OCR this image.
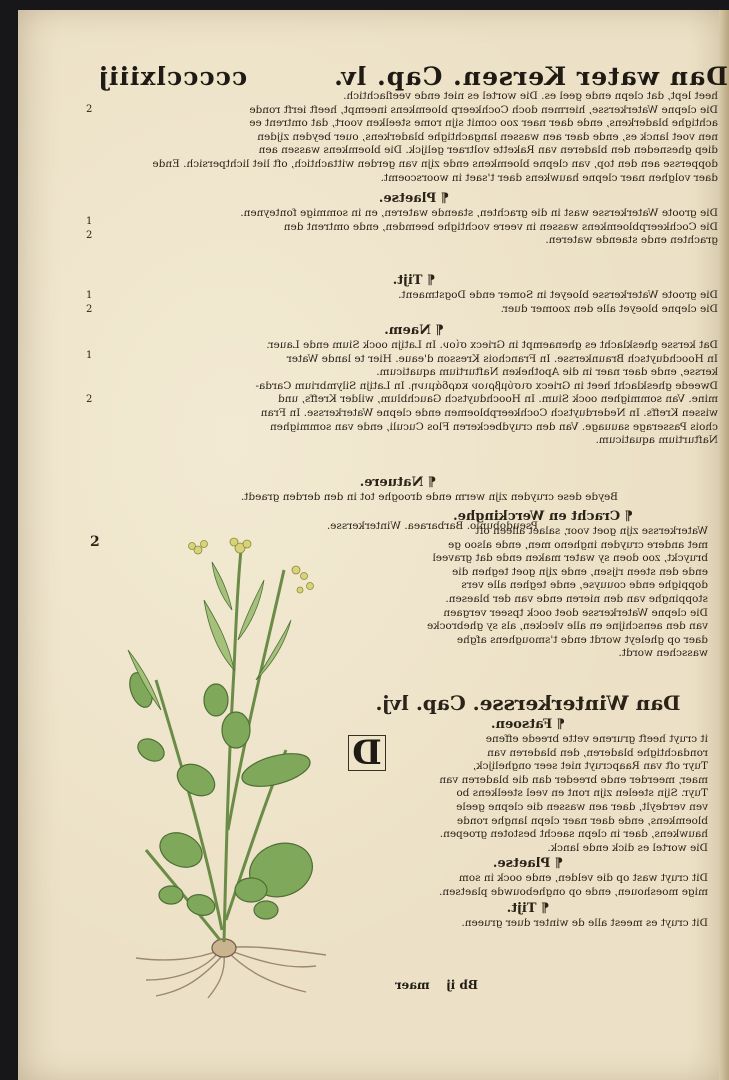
Dan water Kersen. Cap. lv.
ccccclxiiij
heet lept, dat clepn ende geel es. Die wortel es niet ende veeflachtich.
Die clepne Waterkersse, hiermen doch Cochkeerp bloemkens ineempt, heeft ierft ronde
achtighe bladerkens, ende daer naer zoo comit sijn rome steelken voort, dat omtrent ee
nen voet lanck es, ende daer aen wassen langachtighe bladerkens, ouer beyden zijden
diep ghesneden den bladeren van Rakette voltraer gelijck. Die bloemkens wassen aen
doppersse aen den top, van clepne bloemkens ende zijn van gerden wittachtich, oft liet lichtpersich. Ende
daer volghen naer clepne hauwkens daer t'saet in woorscoemt.
2
¶ Plaetse.
Die groote Waterkersse wast in die grachten, staende wateren, en in sommige fonteynen.
Die Cochkeerpbloemkens wassen in veere vochtighe beemden, ende omtrent den
grachten ende staende wateren.
1
2
¶ Tijt.
Die groote Waterkersse bloeyet in Somer ende Dogstmaent.
Die clepne bloeyet alle den zoomer duer.
1
2
¶ Naem.
Dat kersse ghesklacht es ghenaempt in Griecx σίον. In Latijn oock Sium ende Lauer.
In Hoochduytsch Braunkersse. In Franchois Kresson d'eaue. Hier te lande Water
kersse, ende daer naer in die Apotheken Nafturtium aquaticum.
Dweede ghesklacht heet in Griecx σισύμβριον καρδάμινη. In Latijn Silymbrium Carda-
mine. Van sommighen oock Sium. In Hoochduytsch Gauchblum, wilder Kreffs, und
wissen Kreffs. In Nederduytsch Cochkeerpbloemen ende clepne Waterkersse. In Fran
chois Passerage sauuage. Van den cruydbeckeren Flos Cuculi, ende van sommighen
Nafturtium aquaticum.
1
2
¶ Natuere.
Beyde dese cruyden zijn werm ende drooghe tot in den derden graedt.
Pseudobunio. Barbaraea. Winterkersse.
2
¶ Cracht en Werckinghe.
Waterkersse zijn goet voor, salaet alleen oft
met andere cruyden ingheno men, ende alsoo ge
bruyckt, zoo doen sy water maken ende dat graveel
ende den steen rijsen, ende zijn goet teghen die
doppighe ende couuyse, ende teghen alle vers
stoppinghe van den nieren ende van der blaesen.
Die clepne Waterkersse doet oock tpseer vergaen
van den aenschijne en alle vlecken, als sy ghebrocke
daer op gheleyt wordt ende t'smoughens afghe
wasschen wordt.
Dan Winterkersse. Cap. lvj.
¶ Fatsoen.
D	it cruyt heeft grurene vette breede effene
rondachtighe bladeren, den bladeren van
Tuyr oft van Raapcruyt niet seer onghelijck,
maer, meerder ende breeder dan die bladeren van
Tuyr. Sijn steelen zijn ront en veel steelkens bo
ven verdeylt, daer aen wassen die clepne geele
bloemkens, ende daer naer clepn langhe ronde
hauwkens, daer in clepn saecht bestoten groepen.
Die wortel es dick ende lanck.
¶ Plaetse.
Dit cruyt wast op die velden, ende oock in som
mige moeshouen, ende op onghebouwde plaetsen.
¶ Tijt.
Dit cruyt es meest alle de winter duer grueen.
Bb ij    maer
